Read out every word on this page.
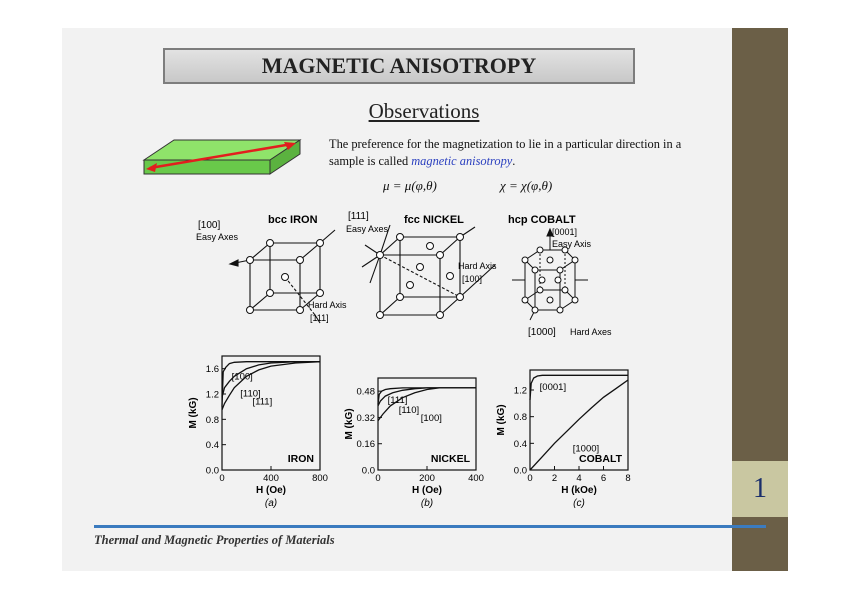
1
MAGNETIC ANISOTROPY
Observations
The preference for the magnetization to lie in a particular direction in a sample is called magnetic anisotropy.
μ = μ(φ,θ)	χ = χ(φ,θ)
bcc IRON
[100]
Easy Axes
Hard Axis
[111]
[111]
Easy Axes
fcc NICKEL
Hard Axis
[100]
hcp COBALT
[0001]
Easy Axis
[1000] Hard Axes
0.0
0.4
0.8
1.2
1.6
0	400	800
[100]
[110]
[111]
IRON
M (kG)
H (Oe)
(a)
0.0
0.16
0.32
0.48
0	200	400
[111]
[110]
[100]
NICKEL
M (kG)
H (Oe)
(b)
0.0
0.4
0.8
1.2
0 2 4 6 8
[0001]
[1000]
COBALT
M (kG)
H (kOe)
(c)
Thermal and Magnetic Properties of Materials
